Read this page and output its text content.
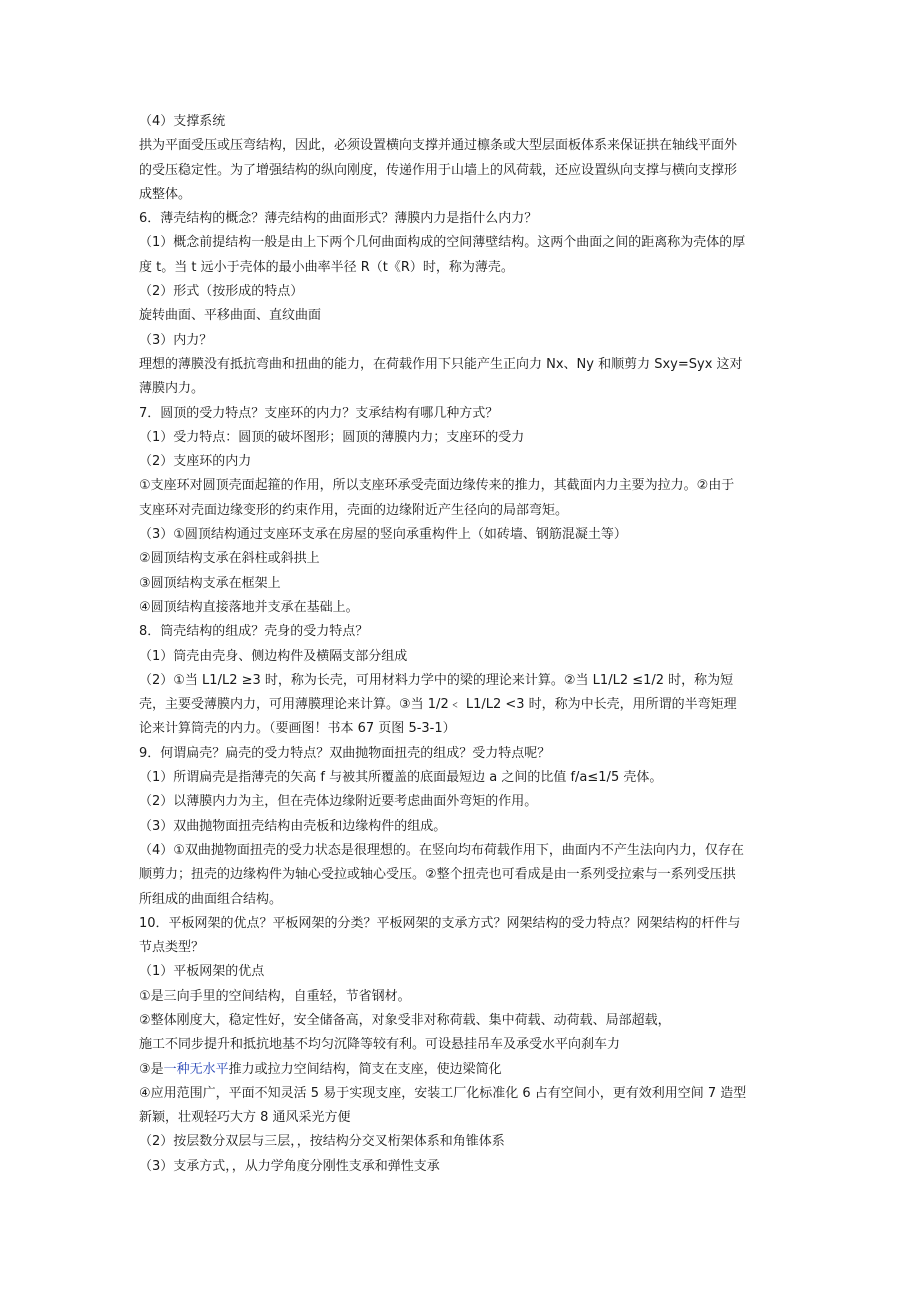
（4）支撑系统
拱为平面受压或压弯结构，因此，必须设置横向支撑并通过檩条或大型层面板体系来保证拱在轴线平面外
的受压稳定性。为了增强结构的纵向刚度，传递作用于山墙上的风荷载，还应设置纵向支撑与横向支撑形
成整体。
6．薄壳结构的概念？薄壳结构的曲面形式？薄膜内力是指什么内力？
（1）概念前提结构一般是由上下两个几何曲面构成的空间薄壁结构。这两个曲面之间的距离称为壳体的厚
度 t。当 t 远小于壳体的最小曲率半径 R（t《R）时，称为薄壳。
（2）形式（按形成的特点）
旋转曲面、平移曲面、直纹曲面
（3）内力？
理想的薄膜没有抵抗弯曲和扭曲的能力，在荷载作用下只能产生正向力 Nx、Ny 和顺剪力 Sxy=Syx 这对
薄膜内力。
7．圆顶的受力特点？支座环的内力？支承结构有哪几种方式？
（1）受力特点：圆顶的破坏图形；圆顶的薄膜内力；支座环的受力
（2）支座环的内力
①支座环对圆顶壳面起箍的作用，所以支座环承受壳面边缘传来的推力，其截面内力主要为拉力。②由于
支座环对壳面边缘变形的约束作用，壳面的边缘附近产生径向的局部弯矩。
（3）①圆顶结构通过支座环支承在房屋的竖向承重构件上（如砖墙、钢筋混凝土等）
②圆顶结构支承在斜柱或斜拱上
③圆顶结构支承在框架上
④圆顶结构直接落地并支承在基础上。
8．筒壳结构的组成？壳身的受力特点？
（1）筒壳由壳身、侧边构件及横隔支部分组成
（2）①当 L1/L2 ≥3 时，称为长壳，可用材料力学中的梁的理论来计算。②当 L1/L2 ≤1/2 时，称为短
壳，主要受薄膜内力，可用薄膜理论来计算。③当 1/2﹤ L1/L2 <3 时，称为中长壳，用所谓的半弯矩理
论来计算筒壳的内力。（要画图！书本 67 页图 5-3-1）
9．何谓扁壳？扁壳的受力特点？双曲抛物面扭壳的组成？受力特点呢？
（1）所谓扁壳是指薄壳的矢高 f 与被其所覆盖的底面最短边 a 之间的比值 f/a≤1/5 壳体。
（2）以薄膜内力为主，但在壳体边缘附近要考虑曲面外弯矩的作用。
（3）双曲抛物面扭壳结构由壳板和边缘构件的组成。
（4）①双曲抛物面扭壳的受力状态是很理想的。在竖向均布荷载作用下，曲面内不产生法向内力，仅存在
顺剪力；扭壳的边缘构件为轴心受拉或轴心受压。②整个扭壳也可看成是由一系列受拉索与一系列受压拱
所组成的曲面组合结构。
10．平板网架的优点？平板网架的分类？平板网架的支承方式？网架结构的受力特点？网架结构的杆件与
节点类型？
（1）平板网架的优点
①是三向手里的空间结构，自重轻，节省钢材。
②整体刚度大，稳定性好，安全储备高，对象受非对称荷载、集中荷载、动荷载、局部超载，
施工不同步提升和抵抗地基不均匀沉降等较有利。可设悬挂吊车及承受水平向刹车力
③是一种无水平推力或拉力空间结构，简支在支座，使边梁简化
④应用范围广，平面不知灵活 5 易于实现支座，安装工厂化标准化 6 占有空间小，更有效利用空间 7 造型
新颖，壮观轻巧大方 8 通风采光方便
（2）按层数分双层与三层，，按结构分交叉桁架体系和角锥体系
（3）支承方式，，从力学角度分刚性支承和弹性支承
